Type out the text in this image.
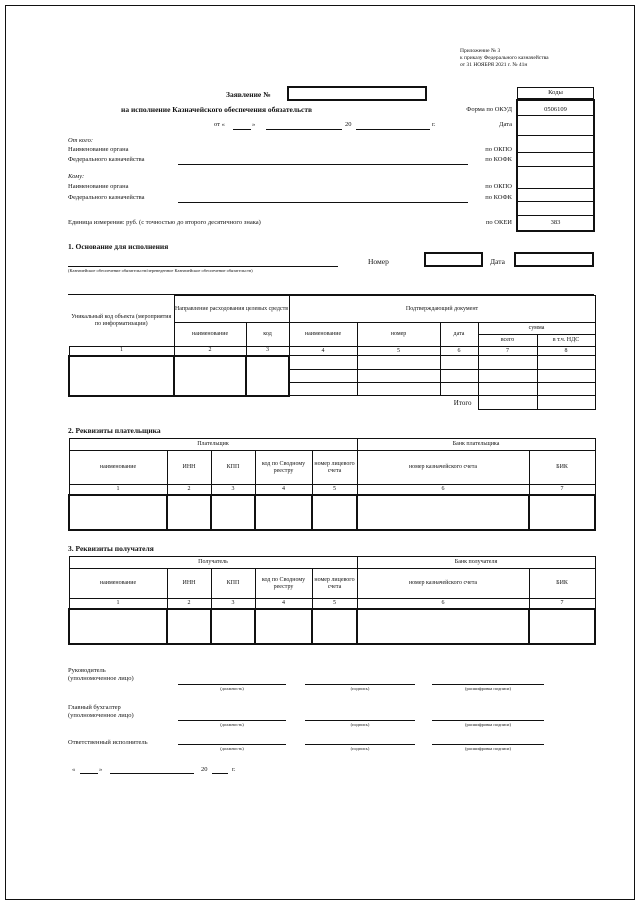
Приложение № 3
к приказу Федерального казначейства
от 31 НОЯБРЯ 2021 г. № 41н
Заявление №
на исполнение Казначейского обеспечения обязательств
от «	»	20	г.
Коды
Форма по ОКУД	0506109
Дата
От кого:
Наименование органа
Федерального казначейства
по ОКПО
по КОФК
Кому:
Наименование органа
Федерального казначейства
по ОКПО
по КОФК
Единица измерения: руб. (с точностью до второго десятичного знака)	по ОКЕИ	383
1. Основание для исполнения
(Казначейское обеспечение обязательств/переведенное Казначейское обеспечение обязательств)
Номер	Дата
Уникальный код объекта (мероприятия по информатизации)	Направление расходования целевых средств		Подтверждающий документ				
	наименование	код	наименование	номер	дата	сумма	
						всего	в т.ч. НДС
1	2	3	4	5	6	7	8

Итого							
2. Реквизиты плательщика
Плательщик					Банк плательщика	
наименование	ИНН	КПП	код по Сводному реестру	номер лицевого счета	номер казначейского счета	БИК
1	2	3	4	5	6	7

3. Реквизиты получателя
Получатель					Банк получателя	
наименование	ИНН	КПП	код по Сводному реестру	номер лицевого счета	номер казначейского счета	БИК
1	2	3	4	5	6	7

Руководитель
(уполномоченное лицо)
(должность)	(подпись)	(расшифровка подписи)
Главный бухгалтер
(уполномоченное лицо)
(должность)	(подпись)	(расшифровка подписи)
Ответственный исполнитель
(должность)	(подпись)	(расшифровка подписи)
«	»	20	г.
